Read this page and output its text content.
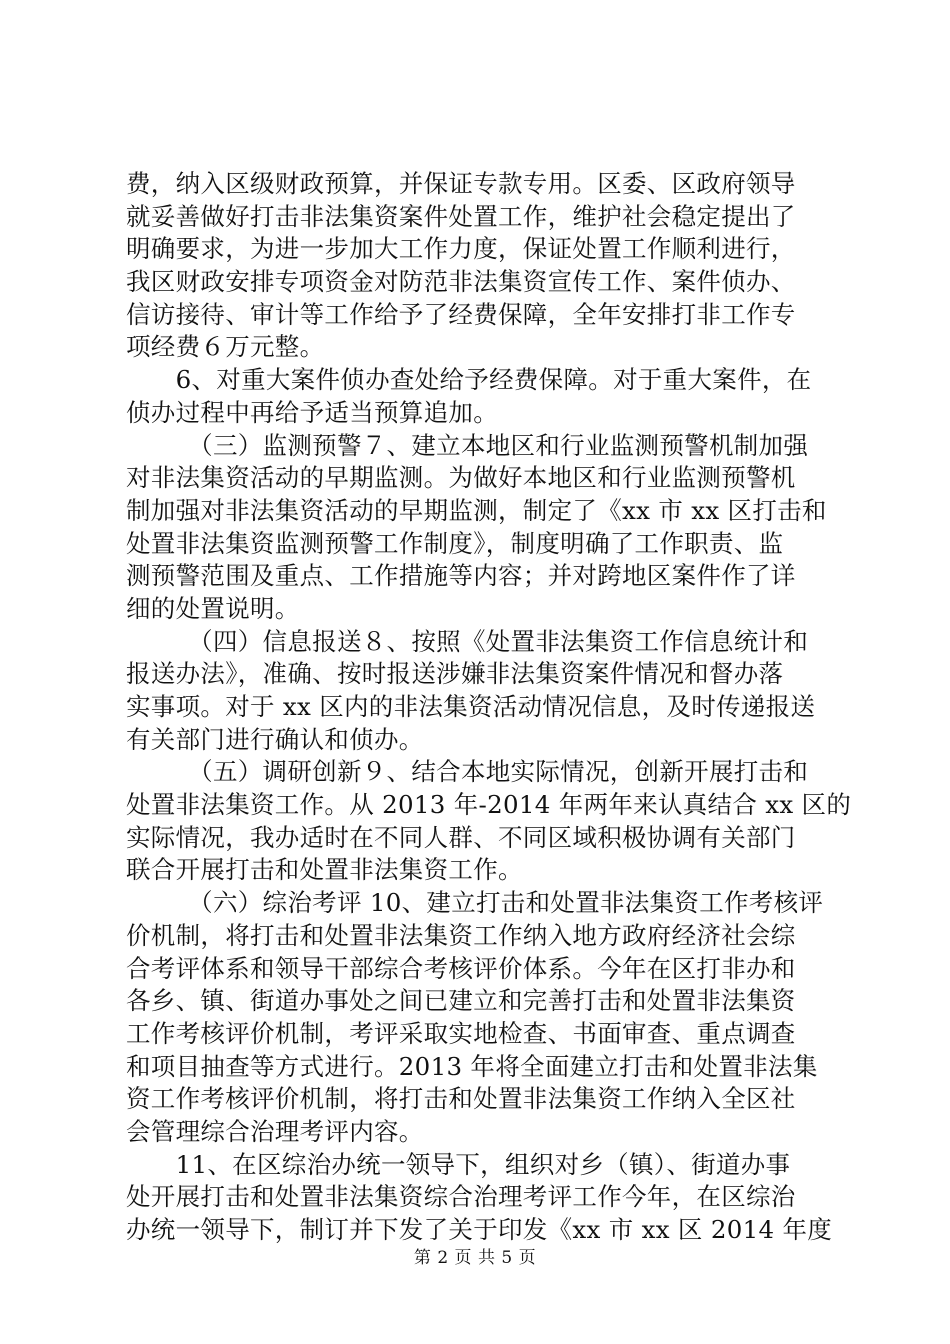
费，纳入区级财政预算，并保证专款专用。区委、区政府领导
就妥善做好打击非法集资案件处置工作，维护社会稳定提出了
明确要求，为进一步加大工作力度，保证处置工作顺利进行，
我区财政安排专项资金对防范非法集资宣传工作、案件侦办、
信访接待、审计等工作给予了经费保障，全年安排打非工作专
项经费６万元整。
　　6、对重大案件侦办查处给予经费保障。对于重大案件，在
侦办过程中再给予适当预算追加。
　　　（三）监测预警７、建立本地区和行业监测预警机制加强
对非法集资活动的早期监测。为做好本地区和行业监测预警机
制加强对非法集资活动的早期监测，制定了《xx 市 xx 区打击和
处置非法集资监测预警工作制度》，制度明确了工作职责、监
测预警范围及重点、工作措施等内容；并对跨地区案件作了详
细的处置说明。
　　　（四）信息报送８、按照《处置非法集资工作信息统计和
报送办法》，准确、按时报送涉嫌非法集资案件情况和督办落
实事项。对于 xx 区内的非法集资活动情况信息，及时传递报送
有关部门进行确认和侦办。
　　　（五）调研创新９、结合本地实际情况，创新开展打击和
处置非法集资工作。从 2013 年-2014 年两年来认真结合 xx 区的
实际情况，我办适时在不同人群、不同区域积极协调有关部门
联合开展打击和处置非法集资工作。
　　　（六）综治考评 10、建立打击和处置非法集资工作考核评
价机制，将打击和处置非法集资工作纳入地方政府经济社会综
合考评体系和领导干部综合考核评价体系。今年在区打非办和
各乡、镇、街道办事处之间已建立和完善打击和处置非法集资
工作考核评价机制，考评采取实地检查、书面审查、重点调查
和项目抽查等方式进行。2013 年将全面建立打击和处置非法集
资工作考核评价机制，将打击和处置非法集资工作纳入全区社
会管理综合治理考评内容。
　　11、在区综治办统一领导下，组织对乡（镇）、街道办事
处开展打击和处置非法集资综合治理考评工作今年，在区综治
办统一领导下，制订并下发了关于印发《xx 市 xx 区 2014 年度
第 2 页 共 5 页
